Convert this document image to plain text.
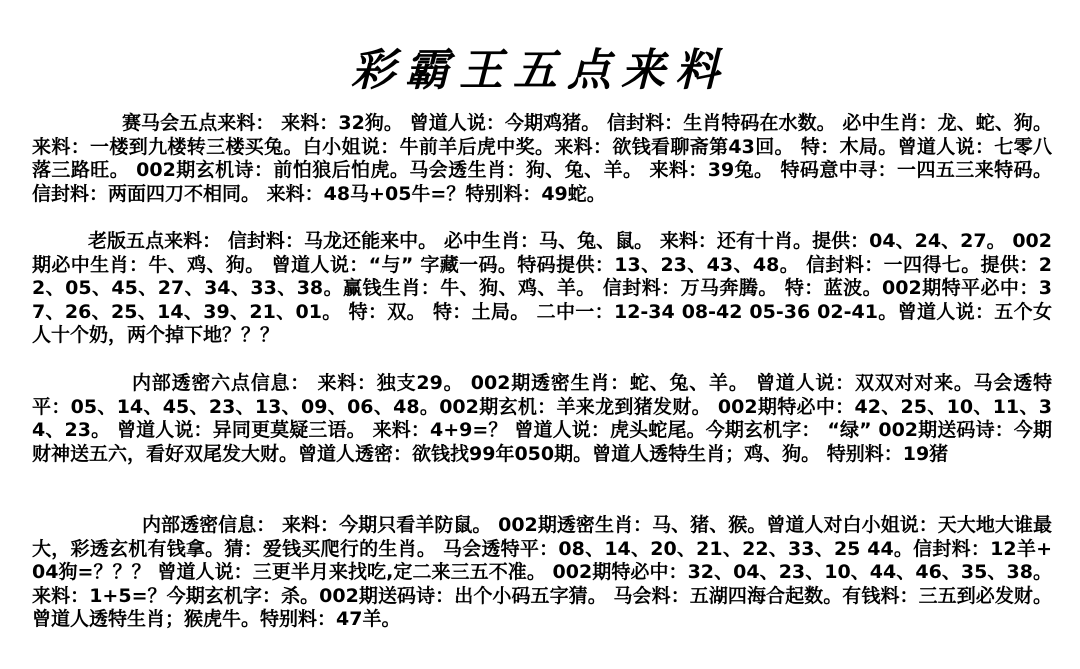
彩霸王五点来料
赛马会五点来料： 来料：32狗。 曾道人说：今期鸡猪。 信封料：生肖特码在水数。 必中生肖：龙、蛇、狗。 来料：一楼到九楼转三楼买兔。白小姐说：牛前羊后虎中奖。来料：欲钱看聊斋第43回。 特：木局。曾道人说：七零八落三路旺。 002期玄机诗：前怕狼后怕虎。马会透生肖：狗、兔、羊。 来料：39兔。 特码意中寻：一四五三来特码。 信封料：两面四刀不相同。 来料：48马+05牛=？特别料：49蛇。
老版五点来料： 信封料：马龙还能来中。 必中生肖：马、兔、鼠。 来料：还有十肖。提供：04、24、27。 002期必中生肖：牛、鸡、狗。 曾道人说：“与” 字藏一码。特码提供：13、23、43、48。 信封料：一四得七。提供：22、05、45、27、34、33、38。赢钱生肖：牛、狗、鸡、羊。 信封料：万马奔腾。 特：蓝波。002期特平必中：37、26、25、14、39、21、01。 特：双。 特：土局。 二中一：12-34 08-42 05-36 02-41。曾道人说：五个女人十个奶，两个掉下地？？？
内部透密六点信息： 来料：独支29。 002期透密生肖：蛇、兔、羊。 曾道人说：双双对对来。马会透特平：05、14、45、23、13、09、06、48。002期玄机：羊来龙到猪发财。 002期特必中：42、25、10、11、34、23。 曾道人说：异同更莫疑三语。 来料：4+9=？ 曾道人说：虎头蛇尾。今期玄机字： “绿” 002期送码诗：今期财神送五六，看好双尾发大财。曾道人透密：欲钱找99年050期。曾道人透特生肖；鸡、狗。 特别料：19猪
内部透密信息： 来料：今期只看羊防鼠。 002期透密生肖：马、猪、猴。曾道人对白小姐说：天大地大谁最大，彩透玄机有钱拿。猜：爱钱买爬行的生肖。 马会透特平：08、14、20、21、22、33、25 44。信封料：12羊+04狗=？？？ 曾道人说：三更半月来找吃,定二来三五不准。 002期特必中：32、04、23、10、44、46、35、38。 来料：1+5=？今期玄机字：杀。002期送码诗：出个小码五字猜。 马会料：五湖四海合起数。有钱料：三五到必发财。 曾道人透特生肖；猴虎牛。特别料：47羊。
